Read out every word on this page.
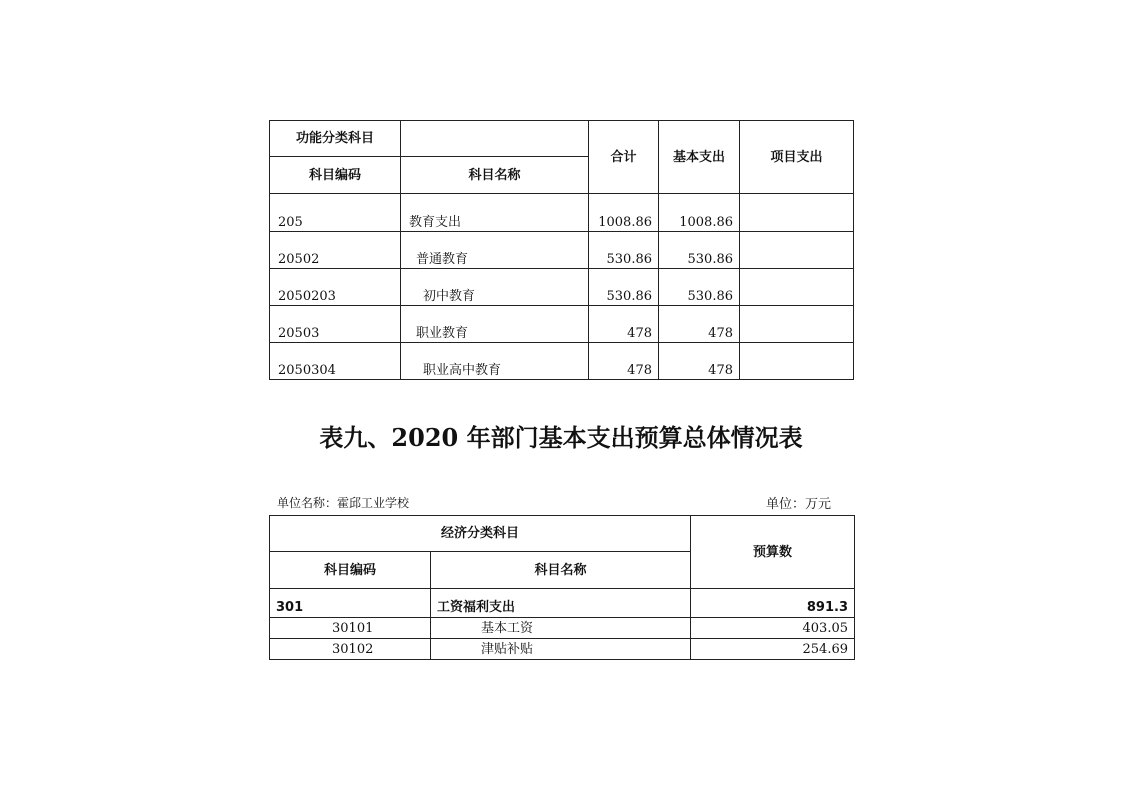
功能分类科目		合计	基本支出	项目支出
科目编码	科目名称			
205	教育支出	1008.86	1008.86	
20502	普通教育	530.86	530.86	
2050203	初中教育	530.86	530.86	
20503	职业教育	478	478	
2050304	职业高中教育	478	478	
表九、2020 年部门基本支出预算总体情况表
单位名称：霍邱工业学校	单位：万元
经济分类科目		预算数
科目编码	科目名称	
301	工资福利支出	891.3
30101	基本工资	403.05
30102	津贴补贴	254.69
